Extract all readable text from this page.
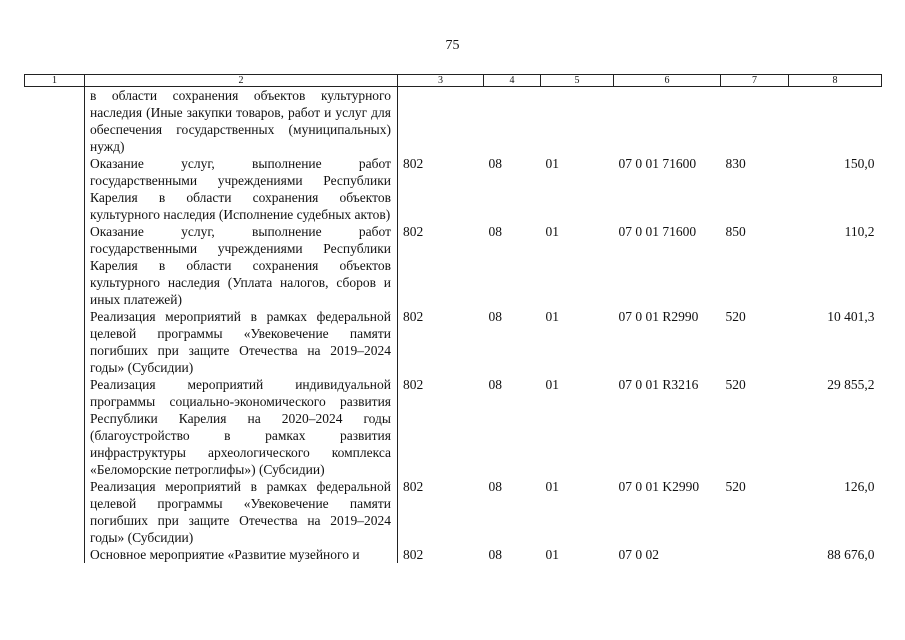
75
1	2	3	4	5	6	7	8
	в области сохранения объектов культурного наследия (Иные закупки товаров, работ и услуг для обеспечения государственных (муниципальных) нужд)						
	Оказание услуг, выполнение работ государственными учреждениями Республики Карелия в области сохранения объектов культурного наследия (Исполнение судебных актов)	802	08	01	07 0 01 71600	830	150,0
	Оказание услуг, выполнение работ государственными учреждениями Республики Карелия в области сохранения объектов культурного наследия (Уплата налогов, сборов и иных платежей)	802	08	01	07 0 01 71600	850	110,2
	Реализация мероприятий в рамках федеральной целевой программы «Увековечение памяти погибших при защите Отечества на 2019–2024 годы» (Субсидии)	802	08	01	07 0 01 R2990	520	10 401,3
	Реализация мероприятий индивидуальной программы социально-экономического развития Республики Карелия на 2020–2024 годы (благоустройство в рамках развития инфраструктуры археологического комплекса «Беломорские петроглифы») (Субсидии)	802	08	01	07 0 01 R3216	520	29 855,2
	Реализация мероприятий в рамках федеральной целевой программы «Увековечение памяти погибших при защите Отечества на 2019–2024 годы» (Субсидии)	802	08	01	07 0 01 K2990	520	126,0
	Основное мероприятие «Развитие музейного и	802	08	01	07 0 02		88 676,0
